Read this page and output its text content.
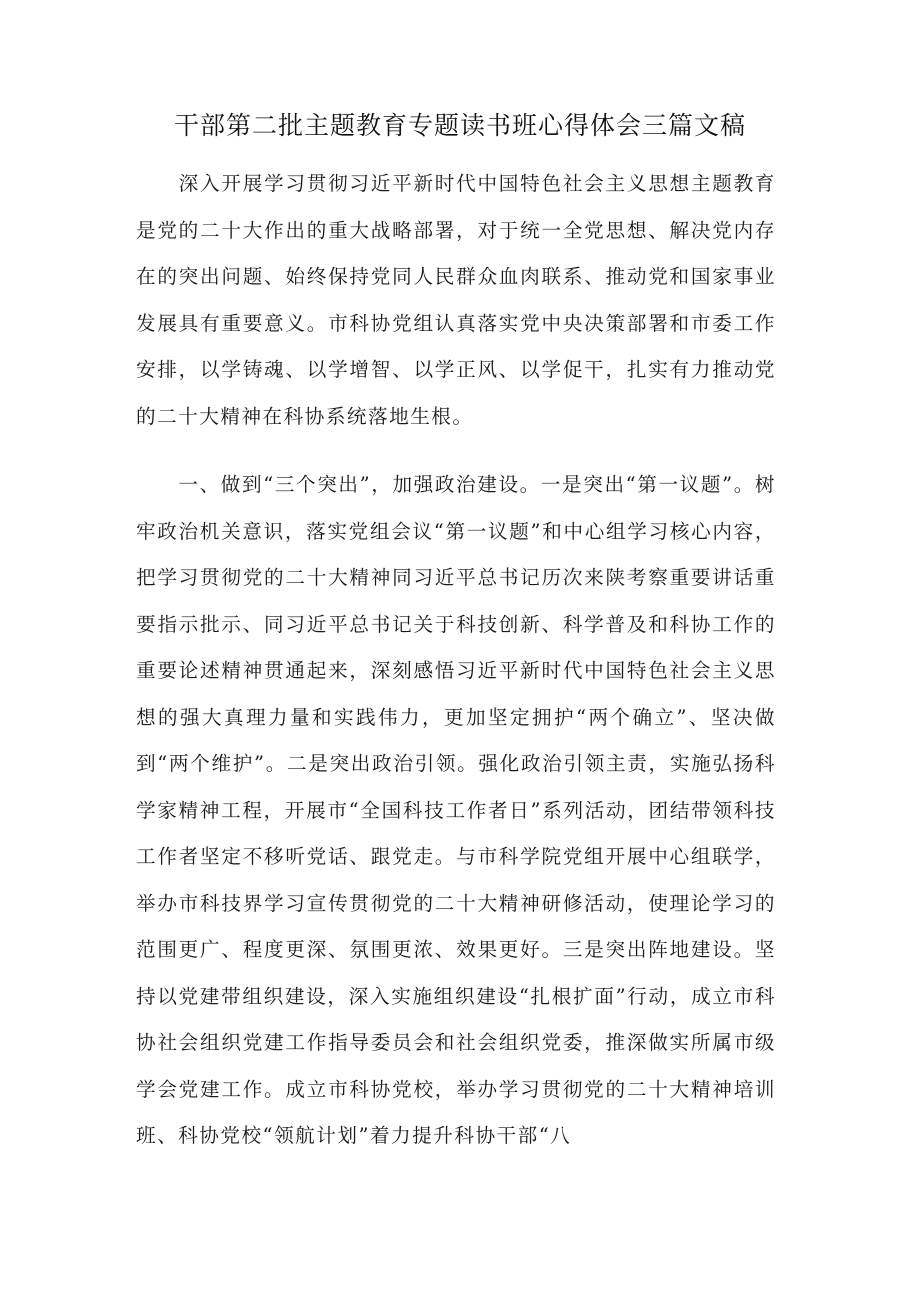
干部第二批主题教育专题读书班心得体会三篇文稿

　　深入开展学习贯彻习近平新时代中国特色社会主义思想主题教育是党的二十大作出的重大战略部署，对于统一全党思想、解决党内存在的突出问题、始终保持党同人民群众血肉联系、推动党和国家事业发展具有重要意义。市科协党组认真落实党中央决策部署和市委工作安排，以学铸魂、以学增智、以学正风、以学促干，扎实有力推动党的二十大精神在科协系统落地生根。

　　一、做到“三个突出”，加强政治建设。一是突出“第一议题”。树牢政治机关意识，落实党组会议“第一议题”和中心组学习核心内容，把学习贯彻党的二十大精神同习近平总书记历次来陕考察重要讲话重要指示批示、同习近平总书记关于科技创新、科学普及和科协工作的重要论述精神贯通起来，深刻感悟习近平新时代中国特色社会主义思想的强大真理力量和实践伟力，更加坚定拥护“两个确立”、坚决做到“两个维护”。二是突出政治引领。强化政治引领主责，实施弘扬科学家精神工程，开展市“全国科技工作者日”系列活动，团结带领科技工作者坚定不移听党话、跟党走。与市科学院党组开展中心组联学，举办市科技界学习宣传贯彻党的二十大精神研修活动，使理论学习的范围更广、程度更深、氛围更浓、效果更好。三是突出阵地建设。坚持以党建带组织建设，深入实施组织建设“扎根扩面”行动，成立市科协社会组织党建工作指导委员会和社会组织党委，推深做实所属市级学会党建工作。成立市科协党校，举办学习贯彻党的二十大精神培训班、科协党校“领航计划”着力提升科协干部“八
